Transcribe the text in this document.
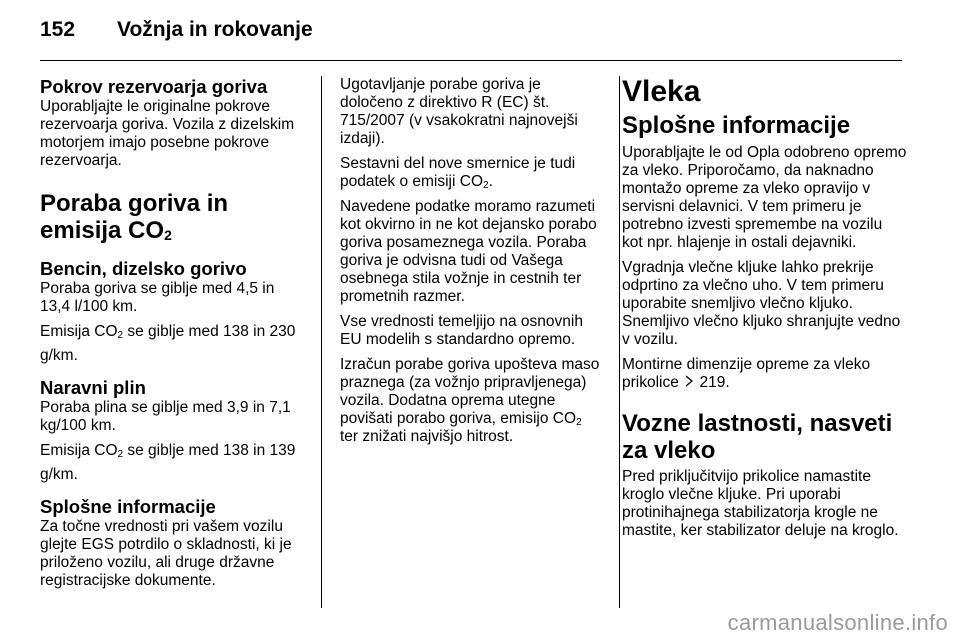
152 Vožnja in rokovanje
Pokrov rezervoarja goriva

Uporabljajte le originalne pokrove rezervoarja goriva. Vozila z dizelskim motorjem imajo posebne pokrove rezervoarja.

Poraba goriva in
emisija $CO_2$
Bencin, dizelsko gorivo

Poraba goriva se giblje med 4,5 in 13,4 l/100 km.

Emisija $CO_2$ se giblje med 138 in 230 g/km.

Naravni plin

Poraba plina se giblje med 3,9 in 7,1 kg/100 km.

Emisija $CO_2$ se giblje med 138 in 139 g/km.

Splošne informacije

Za točne vrednosti pri vašem vozilu glejte EGS potrdilo o skladnosti, ki je priloženo vozilu, ali druge državne registracijske dokumente.

Ugotavljanje porabe goriva je določeno z direktivo R (EC) št. 715/2007 (v vsakokratni najnovejši izdaji).

Sestavni del nove smernice je tudi podatek o emisiji $CO_2$.

Navedene podatke moramo razumeti kot okvirno in ne kot dejansko porabo goriva posameznega vozila. Poraba goriva je odvisna tudi od Vašega osebnega stila vožnje in cestnih ter prometnih razmer.

Vse vrednosti temeljijo na osnovnih EU modelih s standardno opremo.

Izračun porabe goriva upošteva maso praznega (za vožnjo pripravljenega) vozila. Dodatna oprema utegne povišati porabo goriva, emisijo $CO_2$
ter znižati najvišjo hitrost.

Vleka
Splošne informacije

Uporabljajte le od Opla odobreno opremo za vleko. Priporočamo, da naknadno montažo opreme za vleko opravijo v servisni delavnici. V tem primeru je potrebno izvesti spremembe na vozilu kot npr. hlajenje in ostali dejavniki.

Vgradnja vlečne kljuke lahko prekrije odprtino za vlečno uho. V tem primeru uporabite snemljivo vlečno kljuko. Snemljivo vlečno kljuko shranjujte vedno v vozilu.

Montirne dimenzije opreme za vleko prikolice  219.

Vozne lastnosti, nasveti za vleko

Pred priključitvijo prikolice namastite kroglo vlečne kljuke. Pri uporabi protinihajnega stabilizatorja krogle ne mastite, ker stabilizator deluje na kroglo.

carmanualsonline.info
